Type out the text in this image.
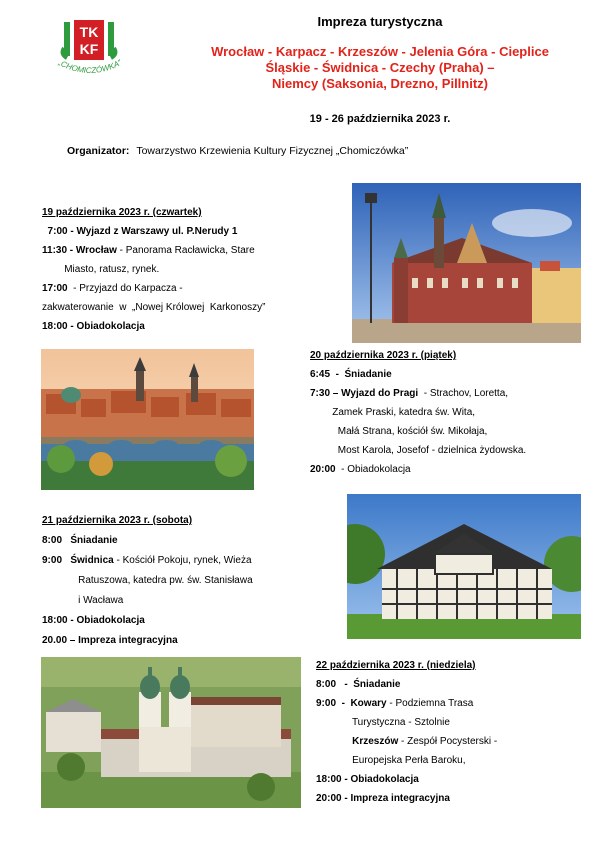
TK
KF
„CHOMICZÓWKA”
Impreza turystyczna
Wrocław - Karpacz - Krzeszów - Jelenia Góra - Cieplice
Śląskie - Świdnica - Czechy (Praha) –
Niemcy (Saksonia, Drezno, Pillnitz)
19 - 26 października 2023 r.
Organizator: Towarzystwo Krzewienia Kultury Fizycznej „Chomiczówka”
19 października 2023 r. (czwartek)
7:00 - Wyjazd z Warszawy ul. P.Nerudy 1
11:30 - Wrocław - Panorama Racławicka, Stare
Miasto, ratusz, rynek.
17:00  - Przyjazd do Karpacza -
zakwaterowanie  w  „Nowej Królowej  Karkonoszy”
18:00 - Obiadokolacja
20 października 2023 r. (piątek)
6:45  -  Śniadanie
7:30 – Wyjazd do Pragi  - Strachov, Loretta,
Zamek Praski, katedra św. Wita,
Małá Strana, kościół św. Mikołaja,
Most Karola, Josefof - dzielnica żydowska.
20:00  - Obiadokolacja
21 października 2023 r. (sobota)
8:00   Śniadanie
9:00   Świdnica - Kościół Pokoju, rynek, Wieża
Ratuszowa, katedra pw. św. Stanisława
i Wacława
18:00 - Obiadokolacja
20.00 – Impreza integracyjna
22 października 2023 r. (niedziela)
8:00   -  Śniadanie
9:00  -  Kowary - Podziemna Trasa
Turystyczna - Sztolnie
Krzeszów - Zespół Pocysterski -
Europejska Perła Baroku,
18:00 - Obiadokolacja
20:00 - Impreza integracyjna
